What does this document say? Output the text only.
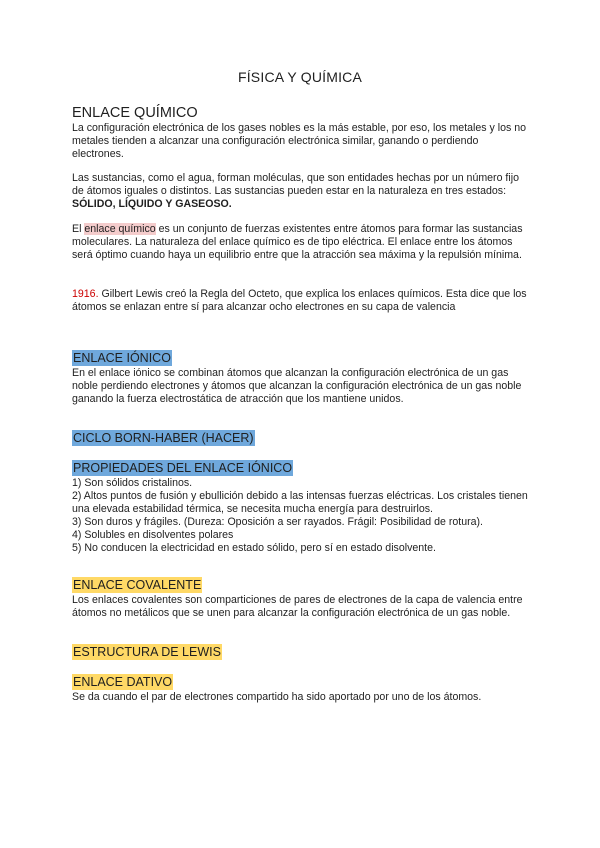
FÍSICA Y QUÍMICA
ENLACE QUÍMICO

La configuración electrónica de los gases nobles es la más estable, por eso, los metales y los no metales tienden a alcanzar una configuración electrónica similar, ganando o perdiendo electrones.

Las sustancias, como el agua, forman moléculas, que son entidades hechas por un número fijo de átomos iguales o distintos. Las sustancias pueden estar en la naturaleza en tres estados: SÓLIDO, LÍQUIDO Y GASEOSO.

El enlace químico es un conjunto de fuerzas existentes entre átomos para formar las sustancias moleculares. La naturaleza del enlace químico es de tipo eléctrica. El enlace entre los átomos será óptimo cuando haya un equilibrio entre que la atracción sea máxima y la repulsión mínima.

1916. Gilbert Lewis creó la Regla del Octeto, que explica los enlaces químicos. Esta dice que los átomos se enlazan entre sí para alcanzar ocho electrones en su capa de valencia

ENLACE IÓNICO

En el enlace iónico se combinan átomos que alcanzan la configuración electrónica de un gas noble perdiendo electrones y átomos que alcanzan la configuración electrónica de un gas noble ganando la fuerza electrostática de atracción que los mantiene unidos.

CICLO BORN-HABER (HACER)
PROPIEDADES DEL ENLACE IÓNICO

1) Son sólidos cristalinos.
2) Altos puntos de fusión y ebullición debido a las intensas fuerzas eléctricas. Los cristales tienen una elevada estabilidad térmica, se necesita mucha energía para destruirlos.
3) Son duros y frágiles. (Dureza: Oposición a ser rayados. Frágil: Posibilidad de rotura).
4) Solubles en disolventes polares
5) No conducen la electricidad en estado sólido, pero sí en estado disolvente.

ENLACE COVALENTE

Los enlaces covalentes son comparticiones de pares de electrones de la capa de valencia entre átomos no metálicos que se unen para alcanzar la configuración electrónica de un gas noble.

ESTRUCTURA DE LEWIS
ENLACE DATIVO

Se da cuando el par de electrones compartido ha sido aportado por uno de los átomos.
